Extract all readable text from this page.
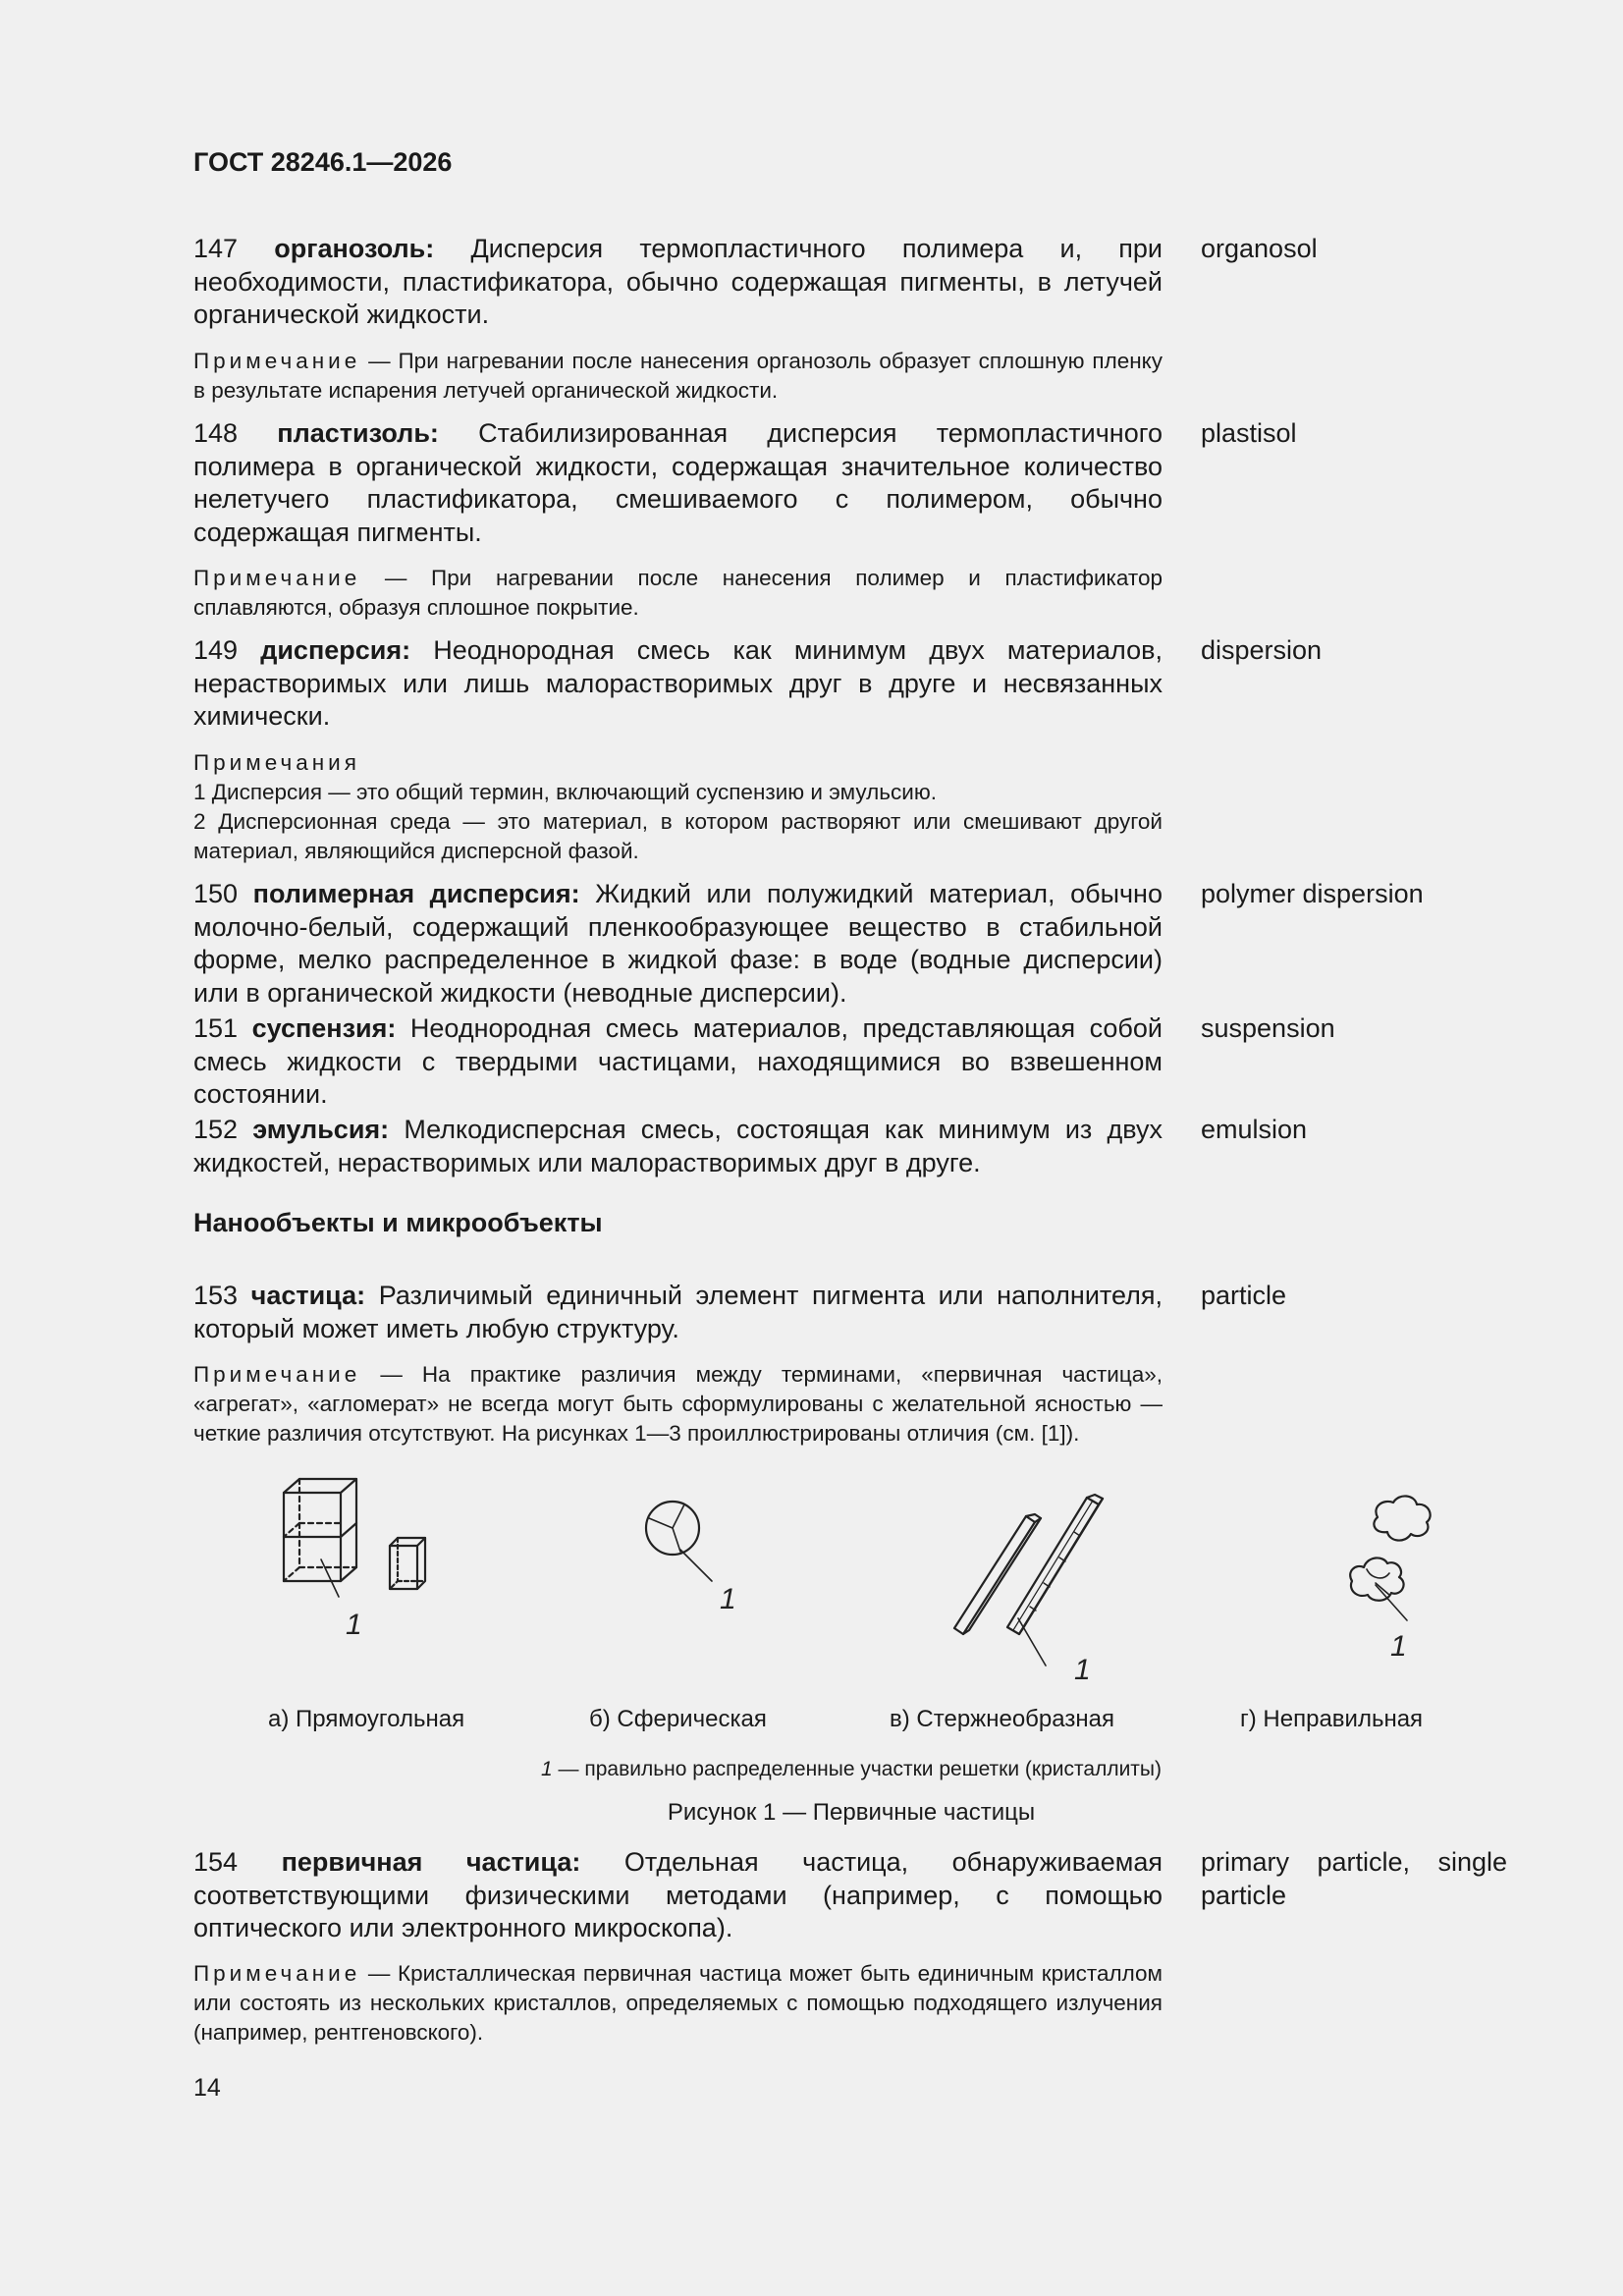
ГОСТ 28246.1—2026
147 органозоль: Дисперсия термопластичного полимера и, при необходимости, пластификатора, обычно содержащая пигменты, в летучей органической жидкости.
organosol
Примечание — При нагревании после нанесения органозоль образует сплошную пленку в результате испарения летучей органической жидкости.
148 пластизоль: Стабилизированная дисперсия термопластичного полимера в органической жидкости, содержащая значительное количество нелетучего пластификатора, смешиваемого с полимером, обычно содержащая пигменты.
plastisol
Примечание — При нагревании после нанесения полимер и пластификатор сплавляются, образуя сплошное покрытие.
149 дисперсия: Неоднородная смесь как минимум двух материалов, нерастворимых или лишь малорастворимых друг в друге и несвязанных химически.
dispersion
Примечания
1 Дисперсия — это общий термин, включающий суспензию и эмульсию.
2 Дисперсионная среда — это материал, в котором растворяют или смешивают другой материал, являющийся дисперсной фазой.
150 полимерная дисперсия: Жидкий или полужидкий материал, обычно молочно-белый, содержащий пленкообразующее вещество в стабильной форме, мелко распределенное в жидкой фазе: в воде (водные дисперсии) или в органической жидкости (неводные дисперсии).
polymer dispersion
151 суспензия: Неоднородная смесь материалов, представляющая собой смесь жидкости с твердыми частицами, находящимися во взвешенном состоянии.
suspension
152 эмульсия: Мелкодисперсная смесь, состоящая как минимум из двух жидкостей, нерастворимых или малорастворимых друг в друге.
emulsion
Нанообъекты и микрообъекты
153 частица: Различимый единичный элемент пигмента или наполнителя, который может иметь любую структуру.
particle
Примечание — На практике различия между терминами, «первичная частица», «агрегат», «агломерат» не всегда могут быть сформулированы с желательной ясностью — четкие различия отсутствуют. На рисунках 1—3 проиллюстрированы отличия (см. [1]).
1
1
1
1
а) Прямоугольная	б) Сферическая	в) Стержнеобразная	г) Неправильная
1 — правильно распределенные участки решетки (кристаллиты)
Рисунок 1 — Первичные частицы
154 первичная частица: Отдельная частица, обнаруживаемая соответствующими физическими методами (например, с помощью оптического или электронного микроскопа).
primary particle, single particle
Примечание — Кристаллическая первичная частица может быть единичным кристаллом или состоять из нескольких кристаллов, определяемых с помощью подходящего излучения (например, рентгеновского).
14
